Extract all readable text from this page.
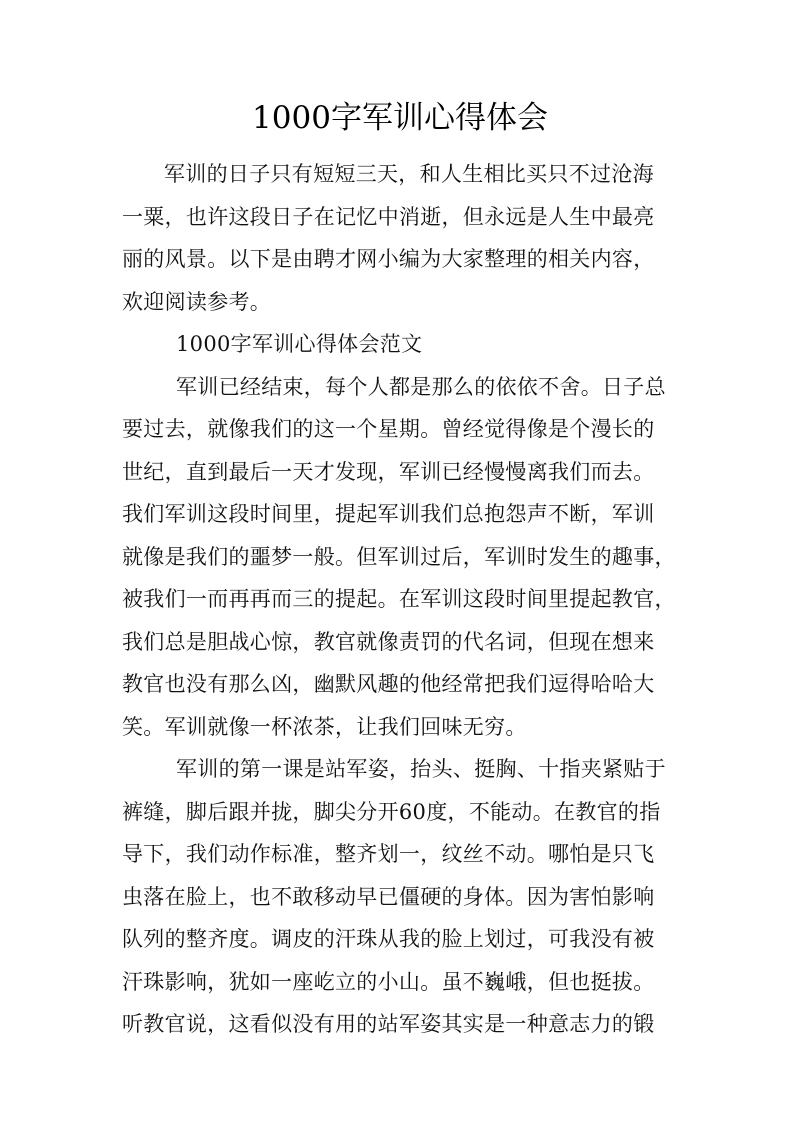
1000字军训心得体会
军训的日子只有短短三天，和人生相比买只不过沧海
一粟，也许这段日子在记忆中消逝，但永远是人生中最亮
丽的风景。以下是由聘才网小编为大家整理的相关内容，
欢迎阅读参考。
1000字军训心得体会范文
军训已经结束，每个人都是那么的依依不舍。日子总
要过去，就像我们的这一个星期。曾经觉得像是个漫长的
世纪，直到最后一天才发现，军训已经慢慢离我们而去。
我们军训这段时间里，提起军训我们总抱怨声不断，军训
就像是我们的噩梦一般。但军训过后，军训时发生的趣事，
被我们一而再再而三的提起。在军训这段时间里提起教官，
我们总是胆战心惊，教官就像责罚的代名词，但现在想来
教官也没有那么凶，幽默风趣的他经常把我们逗得哈哈大
笑。军训就像一杯浓茶，让我们回味无穷。
军训的第一课是站军姿，抬头、挺胸、十指夹紧贴于
裤缝，脚后跟并拢，脚尖分开60度，不能动。在教官的指
导下，我们动作标准，整齐划一，纹丝不动。哪怕是只飞
虫落在脸上，也不敢移动早已僵硬的身体。因为害怕影响
队列的整齐度。调皮的汗珠从我的脸上划过，可我没有被
汗珠影响，犹如一座屹立的小山。虽不巍峨，但也挺拔。
听教官说，这看似没有用的站军姿其实是一种意志力的锻
